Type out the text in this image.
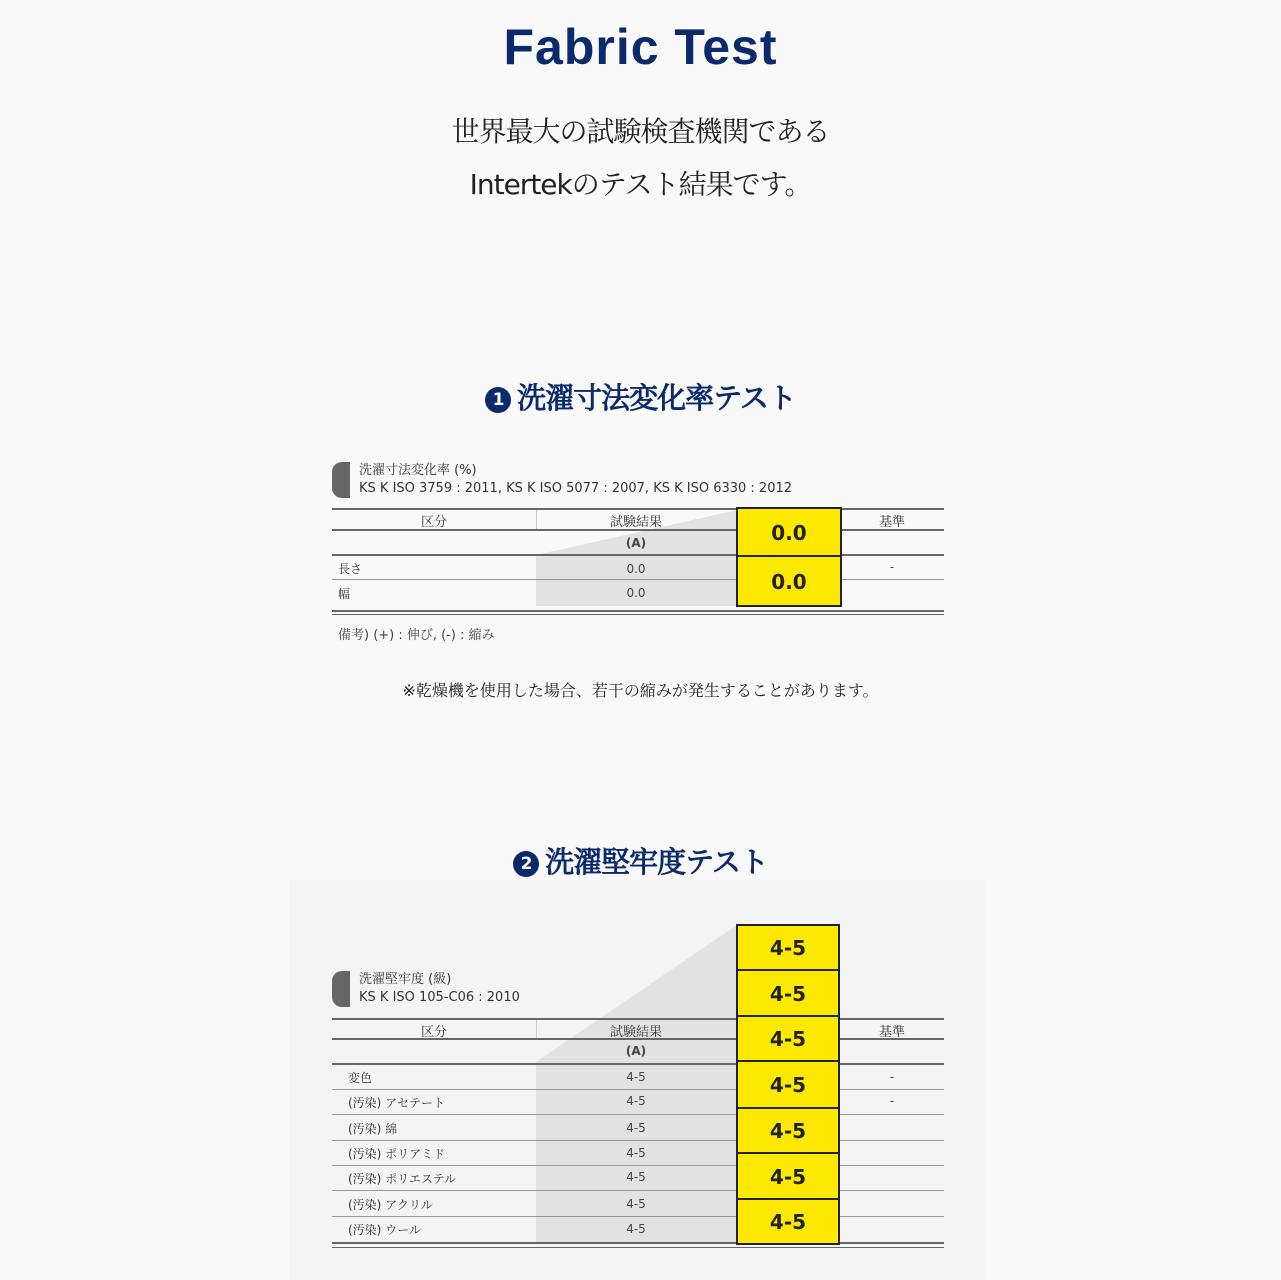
Fabric Test
世界最大の試験検査機関である
Intertekのテスト結果です。
1 洗濯寸法変化率テスト
洗濯寸法変化率 (%)
KS K ISO 3759 : 2011, KS K ISO 5077 : 2007, KS K ISO 6330 : 2012
区分	試験結果	基準
(A)
長さ	0.0	-
幅	0.0
0.0
0.0
備考) (+) : 伸び, (-) : 縮み
※乾燥機を使用した場合、若干の縮みが発生することがあります。
2 洗濯堅牢度テスト
洗濯堅牢度 (級)
KS K ISO 105-C06 : 2010
区分	試験結果	基準
(A)
変色	4-5	-
(汚染) アセテート	4-5	-
(汚染) 綿	4-5
(汚染) ポリアミド	4-5
(汚染) ポリエステル	4-5
(汚染) アクリル	4-5
(汚染) ウール	4-5
4-5
4-5
4-5
4-5
4-5
4-5
4-5
